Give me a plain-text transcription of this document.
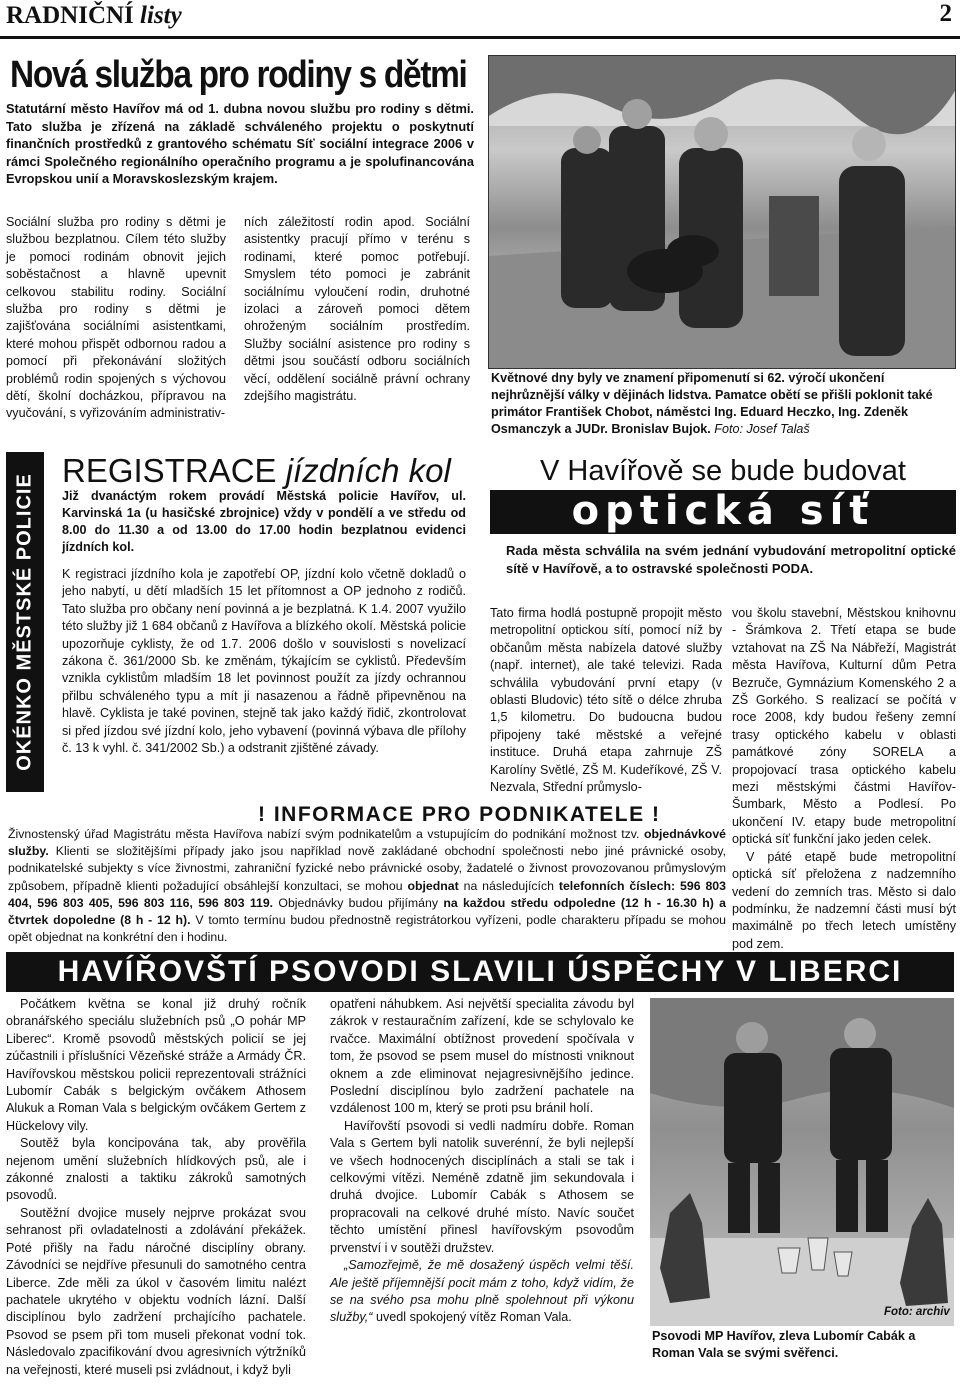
RADNIČNÍ listy	2
Nová služba pro rodiny s dětmi

Statutární město Havířov má od 1. dubna novou službu pro rodiny s dětmi. Tato služba je zřízená na základě schváleného projektu o poskytnutí finančních prostředků z grantového schématu Síť sociální integrace 2006 v rámci Společného regionálního operačního programu a je spolufinancována Evropskou unií a Moravskoslezským krajem.

Sociální služba pro rodiny s dětmi je službou bezplatnou. Cílem této služby je pomoci rodinám obnovit jejich soběstačnost a hlavně upevnit celkovou stabilitu rodiny. Sociální služba pro rodiny s dětmi je zajišťována sociálními asistentkami, které mohou přispět odbornou radou a pomocí při překonávání složitých problémů rodin spojených s výchovou dětí, školní docházkou, přípravou na vyučování, s vyřizováním administrativ-

ních záležitostí rodin apod. Sociální asistentky pracují přímo v terénu s rodinami, které pomoc potřebují. Smyslem této pomoci je zabránit sociálnímu vyloučení rodin, druhotné izolaci a zároveň pomoci dětem ohroženým sociálním prostředím. Služby sociální asistence pro rodiny s dětmi jsou součástí odboru sociálních věcí, oddělení sociálně právní ochrany zdejšího magistrátu.

Květnové dny byly ve znamení připomenutí si 62. výročí ukončení nejhrůznější války v dějinách lidstva. Pamatce obětí se přišli poklonit také primátor František Chobot, náměstci Ing. Eduard Heczko, Ing. Zdeněk Osmanczyk a JUDr. Bronislav Bujok. Foto: Josef Talaš
OKÉNKO MĚSTSKÉ POLICIE
REGISTRACE jízdních kol

Již dvanáctým rokem provádí Městská policie Havířov, ul. Karvinská 1a (u hasičské zbrojnice) vždy v pondělí a ve středu od 8.00 do 11.30 a od 13.00 do 17.00 hodin bezplatnou evidenci jízdních kol.

K registraci jízdního kola je zapotřebí OP, jízdní kolo včetně dokladů o jeho nabytí, u dětí mladších 15 let přítomnost a OP jednoho z rodičů. Tato služba pro občany není povinná a je bezplatná. K 1.4. 2007 využilo této služby již 1 684 občanů z Havířova a blízkého okolí. Městská policie upozorňuje cyklisty, že od 1.7. 2006 došlo v souvislosti s novelizací zákona č. 361/2000 Sb. ke změnám, týkajícím se cyklistů. Především vznikla cyklistům mladším 18 let povinnost použít za jízdy ochrannou přilbu schváleného typu a mít ji nasazenou a řádně připevněnou na hlavě. Cyklista je také povinen, stejně tak jako každý řidič, zkontrolovat si před jízdou své jízdní kolo, jeho vybavení (povinná výbava dle přílohy č. 13 k vyhl. č. 341/2002 Sb.) a odstranit zjištěné závady.

V Havířově se bude budovat
optická síť

Rada města schválila na svém jednání vybudování metropolitní optické sítě v Havířově, a to ostravské společnosti PODA.

Tato firma hodlá postupně propojit město metropolitní optickou sítí, pomocí níž by občanům města nabízela datové služby (např. internet), ale také televizi. Rada schválila vybudování první etapy (v oblasti Bludovic) této sítě o délce zhruba 1,5 kilometru. Do budoucna budou připojeny také městské a veřejné instituce. Druhá etapa zahrnuje ZŠ Karolíny Světlé, ZŠ M. Kudeříkové, ZŠ V. Nezvala, Střední průmyslo-

vou školu stavební, Městskou knihovnu - Šrámkova 2. Třetí etapa se bude vztahovat na ZŠ Na Nábřeží, Magistrát města Havířova, Kulturní dům Petra Bezruče, Gymnázium Komenského 2 a ZŠ Gorkého. S realizací se počítá v roce 2008, kdy budou řešeny zemní trasy optického kabelu v oblasti památkové zóny SORELA a propojovací trasa optického kabelu mezi městskými částmi Havířov-Šumbark, Město a Podlesí. Po ukončení IV. etapy bude metropolitní optická síť funkční jako jeden celek.

V páté etapě bude metropolitní optická síť přeložena z nadzemního vedení do zemních tras. Město si dalo podmínku, že nadzemní části musí být maximálně po třech letech umístěny pod zem.

! INFORMACE PRO PODNIKATELE !

Živnostenský úřad Magistrátu města Havířova nabízí svým podnikatelům a vstupujícím do podnikání možnost tzv. objednávkové služby. Klienti se složitějšími případy jako jsou například nově zakládané obchodní společnosti nebo jiné právnické osoby, podnikatelské subjekty s více živnostmi, zahraniční fyzické nebo právnické osoby, žadatelé o živnost provozovanou průmyslovým způsobem, případně klienti požadující obsáhlejší konzultaci, se mohou objednat na následujících telefonních číslech: 596 803 404, 596 803 405, 596 803 116, 596 803 119. Objednávky budou přijímány na každou středu odpoledne (12 h - 16.30 h) a čtvrtek dopoledne (8 h - 12 h). V tomto termínu budou přednostně registrátorkou vyřízeni, podle charakteru případu se mohou opět objednat na konkrétní den i hodinu.

HAVÍŘOVŠTÍ PSOVODI SLAVILI ÚSPĚCHY V LIBERCI

Počátkem května se konal již druhý ročník obranářského speciálu služebních psů „O pohár MP Liberec“. Kromě psovodů městských policií se jej zúčastnili i příslušníci Vězeňské stráže a Armády ČR. Havířovskou městskou policii reprezentovali strážníci Lubomír Cabák s belgickým ovčákem Athosem Alukuk a Roman Vala s belgickým ovčákem Gertem z Hückelovy vily.

Soutěž byla koncipována tak, aby prověřila nejenom umění služebních hlídkových psů, ale i zákonné znalosti a taktiku zákroků samotných psovodů.

Soutěžní dvojice musely nejprve prokázat svou sehranost při ovladatelnosti a zdolávání překážek. Poté přišly na řadu náročné disciplíny obrany. Závodníci se nejdříve přesunuli do samotného centra Liberce. Zde měli za úkol v časovém limitu nalézt pachatele ukrytého v objektu vodních lázní. Další disciplínou bylo zadržení prchajícího pachatele. Psovod se psem při tom museli překonat vodní tok. Následovalo zpacifikování dvou agresivních výtržníků na veřejnosti, které museli psi zvládnout, i když byli

opatřeni náhubkem. Asi největší specialita závodu byl zákrok v restauračním zařízení, kde se schylovalo ke rvačce. Maximální obtížnost provedení spočívala v tom, že psovod se psem musel do místnosti vniknout oknem a zde eliminovat nejagresivnějšího jedince. Poslední disciplínou bylo zadržení pachatele na vzdálenost 100 m, který se proti psu bránil holí.

Havířovští psovodi si vedli nadmíru dobře. Roman Vala s Gertem byli natolik suverénní, že byli nejlepší ve všech hodnocených disciplínách a stali se tak i celkovými vítězi. Neméně zdatně jim sekundovala i druhá dvojice. Lubomír Cabák s Athosem se propracovali na celkové druhé místo. Navíc součet těchto umístění přinesl havířovským psovodům prvenství i v soutěži družstev.

„Samozřejmě, že mě dosažený úspěch velmi těší. Ale ještě příjemnější pocit mám z toho, když vidím, že se na svého psa mohu plně spolehnout při výkonu služby,“ uvedl spokojený vítěz Roman Vala.	Foto: archiv

Psovodi MP Havířov, zleva Lubomír Cabák a Roman Vala se svými svěřenci.
